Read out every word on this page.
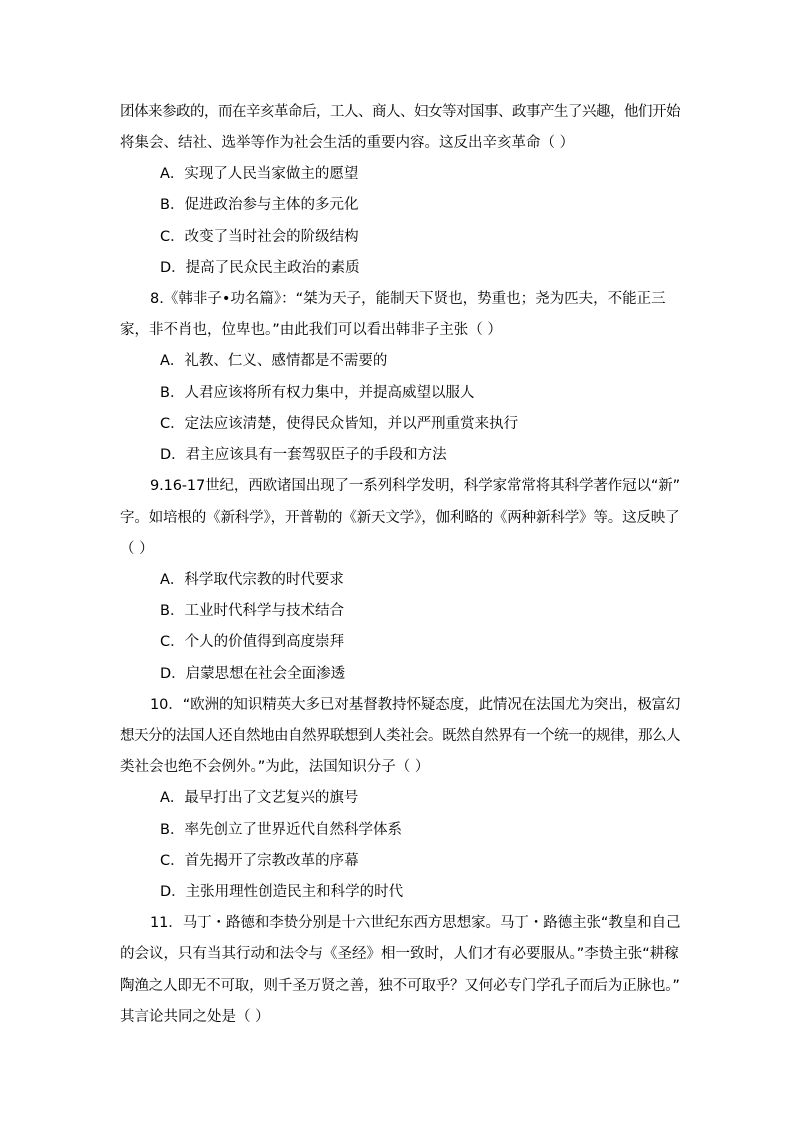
团体来参政的，而在辛亥革命后，工人、商人、妇女等对国事、政事产生了兴趣，他们开始
将集会、结社、选举等作为社会生活的重要内容。这反出辛亥革命（ ）
A．实现了人民当家做主的愿望
B．促进政治参与主体的多元化
C．改变了当时社会的阶级结构
D．提高了民众民主政治的素质
8.《韩非子•功名篇》：“桀为天子，能制天下贤也，势重也；尧为匹夫，不能正三
家，非不肖也，位卑也。”由此我们可以看出韩非子主张（ ）
A．礼教、仁义、感情都是不需要的
B．人君应该将所有权力集中，并提高威望以服人
C．定法应该清楚，使得民众皆知，并以严刑重赏来执行
D．君主应该具有一套驾驭臣子的手段和方法
9.16-17世纪，西欧诸国出现了一系列科学发明，科学家常常将其科学著作冠以“新”
字。如培根的《新科学》，开普勒的《新天文学》，伽利略的《两种新科学》等。这反映了
（ ）
A．科学取代宗教的时代要求
B．工业时代科学与技术结合
C．个人的价值得到高度崇拜
D．启蒙思想在社会全面渗透
10．“欧洲的知识精英大多已对基督教持怀疑态度，此情况在法国尤为突出，极富幻
想天分的法国人还自然地由自然界联想到人类社会。既然自然界有一个统一的规律，那么人
类社会也绝不会例外。”为此，法国知识分子（ ）
A．最早打出了文艺复兴的旗号
B．率先创立了世界近代自然科学体系
C．首先揭开了宗教改革的序幕
D．主张用理性创造民主和科学的时代
11．马丁・路德和李贽分别是十六世纪东西方思想家。马丁・路德主张“教皇和自己
的会议，只有当其行动和法令与《圣经》相一致时，人们才有必要服从。”李贽主张“耕稼
陶渔之人即无不可取，则千圣万贤之善，独不可取乎？又何必专门学孔子而后为正脉也。”
其言论共同之处是（ ）
